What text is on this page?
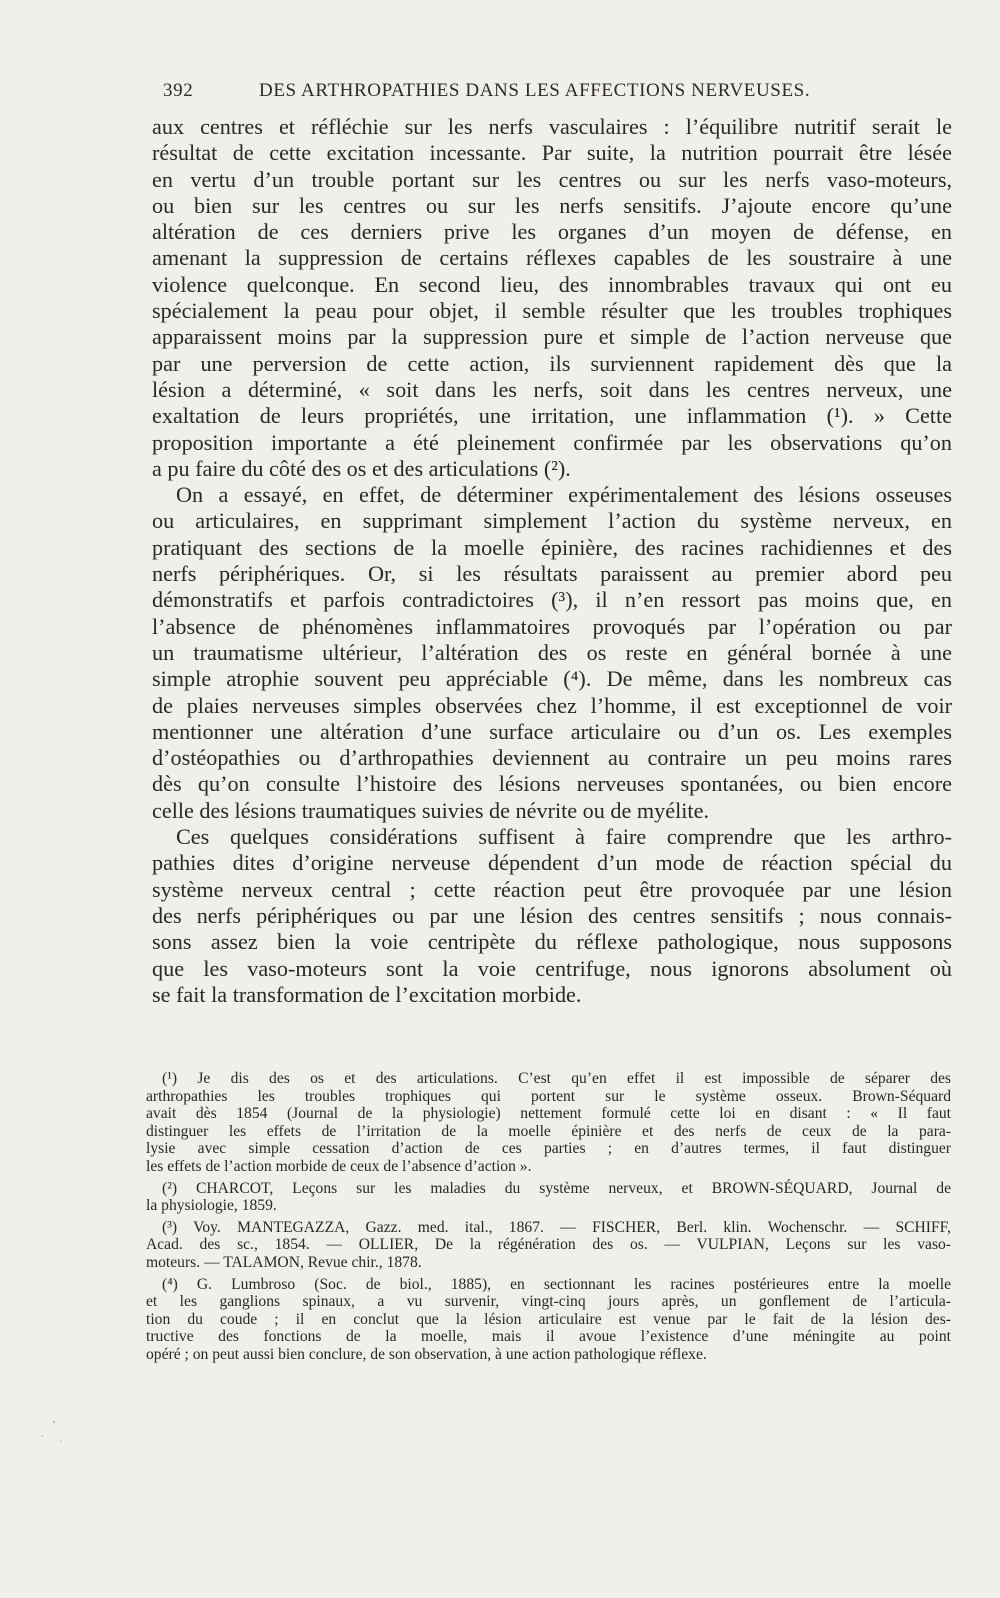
392	DES ARTHROPATHIES DANS LES AFFECTIONS NERVEUSES.
aux centres et réfléchie sur les nerfs vasculaires : l’équilibre nutritif serait le
résultat de cette excitation incessante. Par suite, la nutrition pourrait être lésée
en vertu d’un trouble portant sur les centres ou sur les nerfs vaso-moteurs,
ou bien sur les centres ou sur les nerfs sensitifs. J’ajoute encore qu’une
altération de ces derniers prive les organes d’un moyen de défense, en
amenant la suppression de certains réflexes capables de les soustraire à une
violence quelconque. En second lieu, des innombrables travaux qui ont eu
spécialement la peau pour objet, il semble résulter que les troubles trophiques
apparaissent moins par la suppression pure et simple de l’action nerveuse que
par une perversion de cette action, ils surviennent rapidement dès que la
lésion a déterminé, « soit dans les nerfs, soit dans les centres nerveux, une
exaltation de leurs propriétés, une irritation, une inflammation (¹). » Cette
proposition importante a été pleinement confirmée par les observations qu’on
a pu faire du côté des os et des articulations (²).
On a essayé, en effet, de déterminer expérimentalement des lésions osseuses
ou articulaires, en supprimant simplement l’action du système nerveux, en
pratiquant des sections de la moelle épinière, des racines rachidiennes et des
nerfs périphériques. Or, si les résultats paraissent au premier abord peu
démonstratifs et parfois contradictoires (³), il n’en ressort pas moins que, en
l’absence de phénomènes inflammatoires provoqués par l’opération ou par
un traumatisme ultérieur, l’altération des os reste en général bornée à une
simple atrophie souvent peu appréciable (⁴). De même, dans les nombreux cas
de plaies nerveuses simples observées chez l’homme, il est exceptionnel de voir
mentionner une altération d’une surface articulaire ou d’un os. Les exemples
d’ostéopathies ou d’arthropathies deviennent au contraire un peu moins rares
dès qu’on consulte l’histoire des lésions nerveuses spontanées, ou bien encore
celle des lésions traumatiques suivies de névrite ou de myélite.
Ces quelques considérations suffisent à faire comprendre que les arthro-
pathies dites d’origine nerveuse dépendent d’un mode de réaction spécial du
système nerveux central ; cette réaction peut être provoquée par une lésion
des nerfs périphériques ou par une lésion des centres sensitifs ; nous connais-
sons assez bien la voie centripète du réflexe pathologique, nous supposons
que les vaso-moteurs sont la voie centrifuge, nous ignorons absolument où
se fait la transformation de l’excitation morbide.
(¹) Je dis des os et des articulations. C’est qu’en effet il est impossible de séparer des
arthropathies les troubles trophiques qui portent sur le système osseux. Brown-Séquard
avait dès 1854 (Journal de la physiologie) nettement formulé cette loi en disant : « Il faut
distinguer les effets de l’irritation de la moelle épinière et des nerfs de ceux de la para-
lysie avec simple cessation d’action de ces parties ; en d’autres termes, il faut distinguer
les effets de l’action morbide de ceux de l’absence d’action ».
(²) CHARCOT, Leçons sur les maladies du système nerveux, et BROWN-SÉQUARD, Journal de
la physiologie, 1859.
(³) Voy. MANTEGAZZA, Gazz. med. ital., 1867. — FISCHER, Berl. klin. Wochenschr. — SCHIFF,
Acad. des sc., 1854. — OLLIER, De la régénération des os. — VULPIAN, Leçons sur les vaso-
moteurs. — TALAMON, Revue chir., 1878.
(⁴) G. Lumbroso (Soc. de biol., 1885), en sectionnant les racines postérieures entre la moelle
et les ganglions spinaux, a vu survenir, vingt-cinq jours après, un gonflement de l’articula-
tion du coude ; il en conclut que la lésion articulaire est venue par le fait de la lésion des-
tructive des fonctions de la moelle, mais il avoue l’existence d’une méningite au point
opéré ; on peut aussi bien conclure, de son observation, à une action pathologique réflexe.
